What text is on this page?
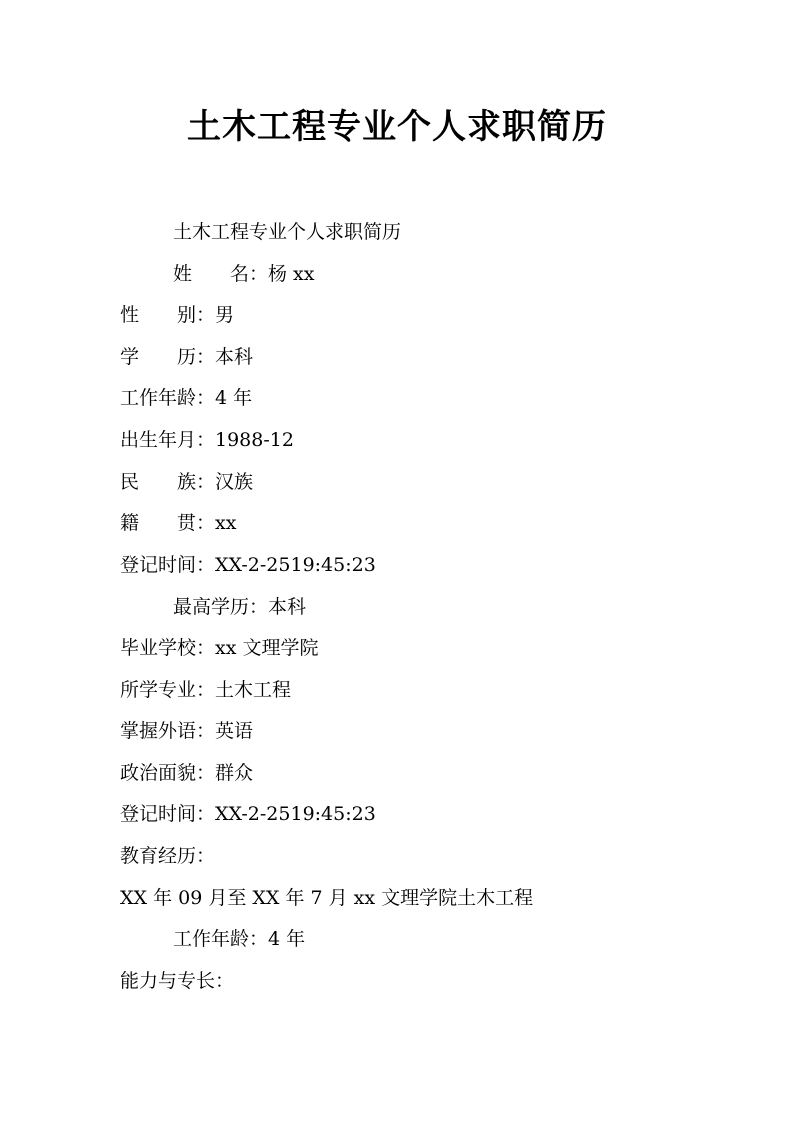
土木工程专业个人求职简历
土木工程专业个人求职简历
姓　　名：杨 xx
性　　别：男
学　　历：本科
工作年龄：4 年
出生年月：1988-12
民　　族：汉族
籍　　贯：xx
登记时间：XX-2-2519:45:23
最高学历：本科
毕业学校：xx 文理学院
所学专业：土木工程
掌握外语：英语
政治面貌：群众
登记时间：XX-2-2519:45:23
教育经历：
XX 年 09 月至 XX 年 7 月 xx 文理学院土木工程
工作年龄：4 年
能力与专长：
